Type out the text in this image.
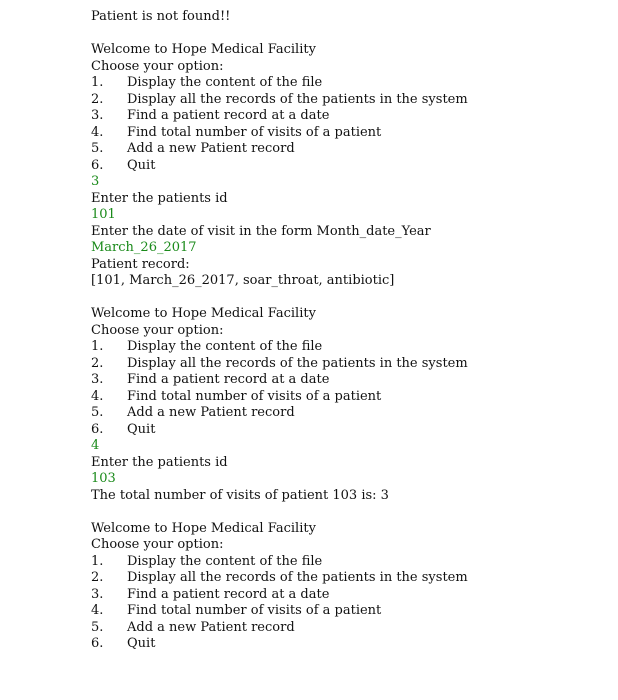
Patient is not found!!
Welcome to Hope Medical Facility
Choose your option:
1.	Display the content of the file
2.	Display all the records of the patients in the system
3.	Find a patient record at a date
4.	Find total number of visits of a patient
5.	Add a new Patient record
6.	Quit
3
Enter the patients id
101
Enter the date of visit in the form Month_date_Year
March_26_2017
Patient record:
[101, March_26_2017, soar_throat, antibiotic]
Welcome to Hope Medical Facility
Choose your option:
1.	Display the content of the file
2.	Display all the records of the patients in the system
3.	Find a patient record at a date
4.	Find total number of visits of a patient
5.	Add a new Patient record
6.	Quit
4
Enter the patients id
103
The total number of visits of patient 103 is: 3
Welcome to Hope Medical Facility
Choose your option:
1.	Display the content of the file
2.	Display all the records of the patients in the system
3.	Find a patient record at a date
4.	Find total number of visits of a patient
5.	Add a new Patient record
6.	Quit
